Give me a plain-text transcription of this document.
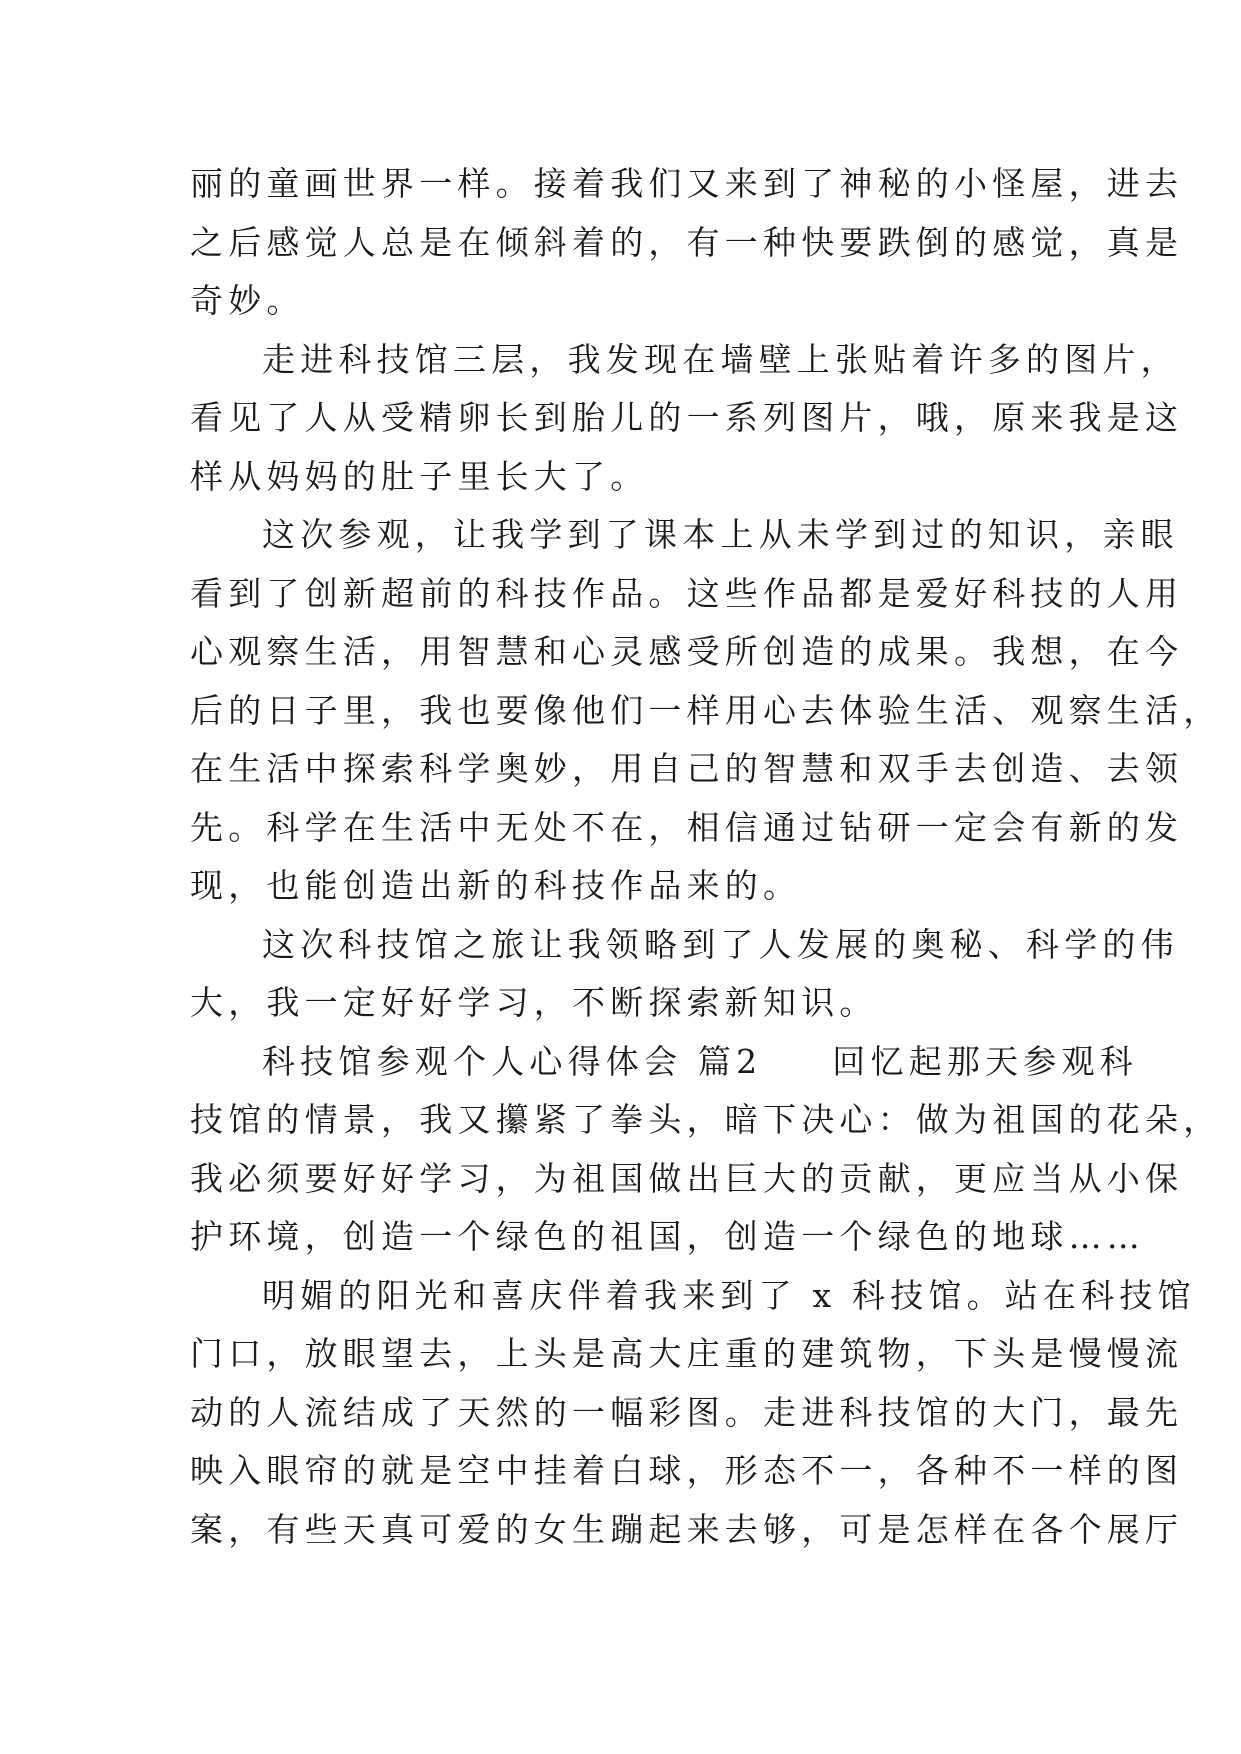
丽的童画世界一样。接着我们又来到了神秘的小怪屋，进去
之后感觉人总是在倾斜着的，有一种快要跌倒的感觉，真是
奇妙。
走进科技馆三层，我发现在墙壁上张贴着许多的图片，
看见了人从受精卵长到胎儿的一系列图片，哦，原来我是这
样从妈妈的肚子里长大了。
这次参观，让我学到了课本上从未学到过的知识，亲眼
看到了创新超前的科技作品。这些作品都是爱好科技的人用
心观察生活，用智慧和心灵感受所创造的成果。我想，在今
后的日子里，我也要像他们一样用心去体验生活、观察生活，
在生活中探索科学奥妙，用自己的智慧和双手去创造、去领
先。科学在生活中无处不在，相信通过钻研一定会有新的发
现，也能创造出新的科技作品来的。
这次科技馆之旅让我领略到了人发展的奥秘、科学的伟
大，我一定好好学习，不断探索新知识。
科技馆参观个人心得体会 篇2 回忆起那天参观科
技馆的情景，我又攥紧了拳头，暗下决心：做为祖国的花朵，
我必须要好好学习，为祖国做出巨大的贡献，更应当从小保
护环境，创造一个绿色的祖国，创造一个绿色的地球……
明媚的阳光和喜庆伴着我来到了 x 科技馆。站在科技馆
门口，放眼望去，上头是高大庄重的建筑物，下头是慢慢流
动的人流结成了天然的一幅彩图。走进科技馆的大门，最先
映入眼帘的就是空中挂着白球，形态不一，各种不一样的图
案，有些天真可爱的女生蹦起来去够，可是怎样在各个展厅
